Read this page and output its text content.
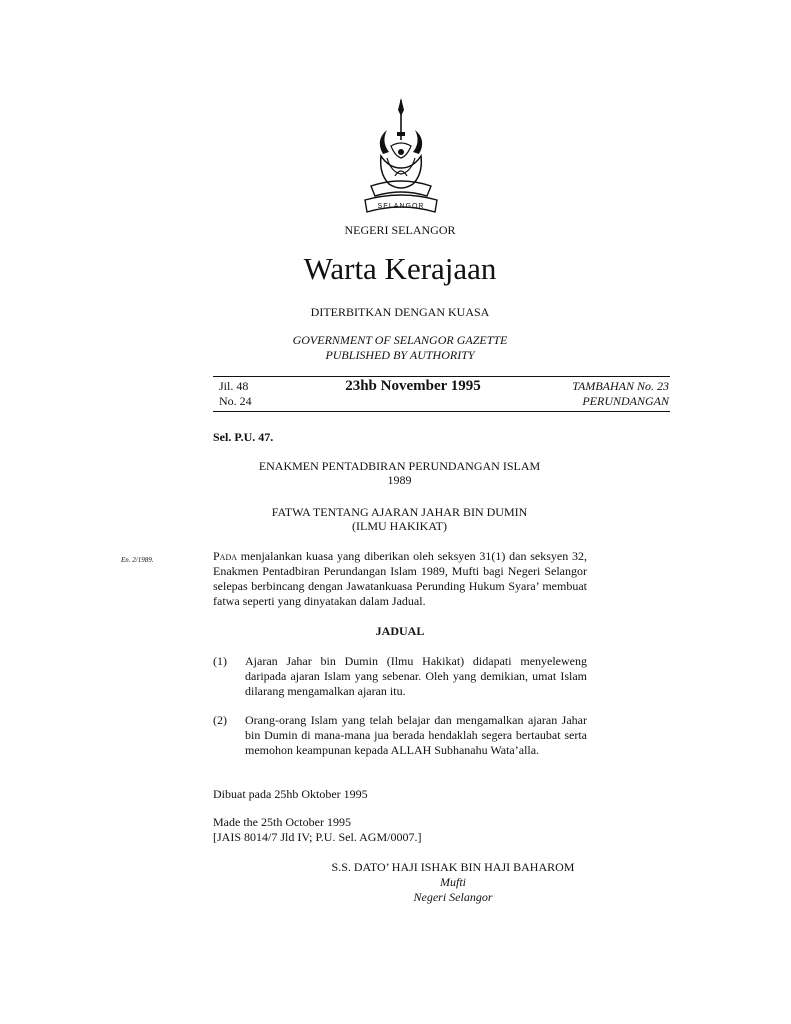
SELANGOR
NEGERI SELANGOR
Warta Kerajaan
DITERBITKAN DENGAN KUASA
GOVERNMENT OF SELANGOR GAZETTE
PUBLISHED BY AUTHORITY
Jil. 48
No. 24
23hb November 1995	TAMBAHAN No. 23
PERUNDANGAN
Sel. P.U. 47.
ENAKMEN PENTADBIRAN PERUNDANGAN ISLAM
1989
FATWA TENTANG AJARAN JAHAR BIN DUMIN
(ILMU HAKIKAT)
En. 2/1989.	Pada menjalankan kuasa yang diberikan oleh seksyen 31(1) dan seksyen 32, Enakmen Pentadbiran Perundangan Islam 1989, Mufti bagi Negeri Selangor selepas berbincang dengan Jawatankuasa Perunding Hukum Syara’ membuat fatwa seperti yang dinyatakan dalam Jadual.
JADUAL
(1) Ajaran Jahar bin Dumin (Ilmu Hakikat) didapati menyeleweng daripada ajaran Islam yang sebenar. Oleh yang demikian, umat Islam dilarang mengamalkan ajaran itu.
(2) Orang-orang Islam yang telah belajar dan mengamalkan ajaran Jahar bin Dumin di mana-mana jua berada hendaklah segera bertaubat serta memohon keampunan kepada ALLAH Subhanahu Wata’alla.
Dibuat pada 25hb Oktober 1995
Made the 25th October 1995
[JAIS 8014/7 Jld IV; P.U. Sel. AGM/0007.]
S.S. DATO’ HAJI ISHAK BIN HAJI BAHAROM
Mufti
Negeri Selangor
